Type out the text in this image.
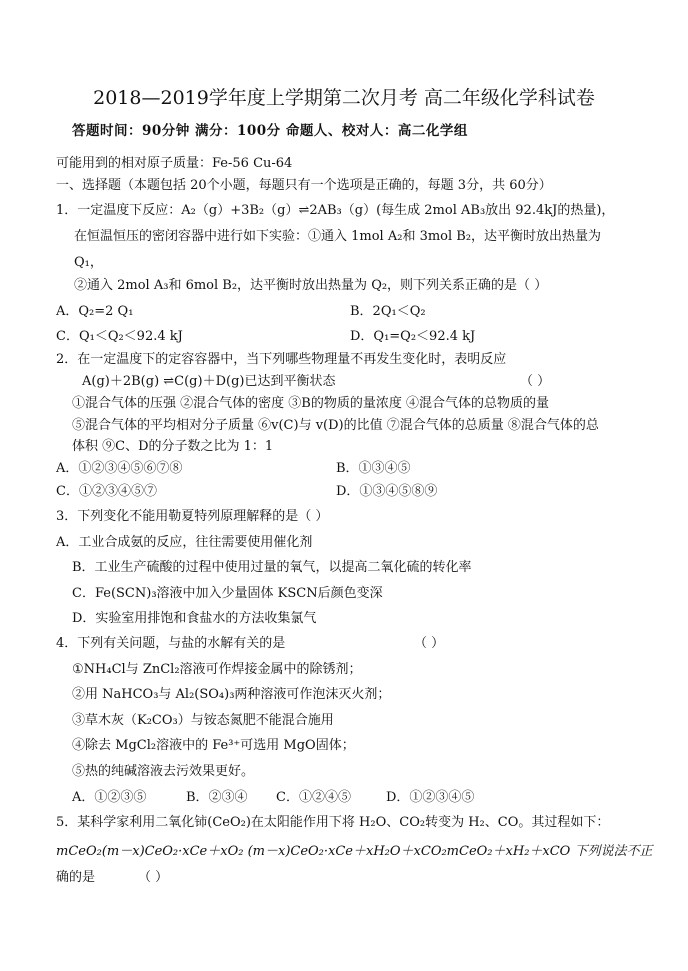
2018—2019学年度上学期第二次月考 高二年级化学科试卷
答题时间：90分钟 满分：100分 命题人、校对人：高二化学组
可能用到的相对原子质量：Fe-56 Cu-64
一、选择题（本题包括 20个小题，每题只有一个选项是正确的，每题 3分，共 60分）
1．一定温度下反应：A₂（g）+3B₂（g）⇌2AB₃（g）(每生成 2mol AB₃放出 92.4kJ的热量)，
在恒温恒压的密闭容器中进行如下实验：①通入 1mol A₂和 3mol B₂，达平衡时放出热量为
Q₁，
②通入 2mol A₃和 6mol B₂，达平衡时放出热量为 Q₂，则下列关系正确的是（ ）
A．Q₂=2 Q₁	B．2Q₁＜Q₂
C．Q₁＜Q₂＜92.4 kJ	D．Q₁=Q₂＜92.4 kJ
2．在一定温度下的定容容器中，当下列哪些物理量不再发生变化时，表明反应
A(g)＋2B(g) ⇌C(g)＋D(g)已达到平衡状态	（ ）
①混合气体的压强 ②混合气体的密度 ③B的物质的量浓度 ④混合气体的总物质的量
⑤混合气体的平均相对分子质量 ⑥v(C)与 v(D)的比值 ⑦混合气体的总质量 ⑧混合气体的总
体积 ⑨C、D的分子数之比为 1：1
A．①②③④⑤⑥⑦⑧	B．①③④⑤
C．①②③④⑤⑦	D．①③④⑤⑧⑨
3．下列变化不能用勒夏特列原理解释的是（ ）
A．工业合成氨的反应，往往需要使用催化剂
B．工业生产硫酸的过程中使用过量的氧气，以提高二氧化硫的转化率
C．Fe(SCN)₃溶液中加入少量固体 KSCN后颜色变深
D．实验室用排饱和食盐水的方法收集氯气
4．下列有关问题，与盐的水解有关的是	（ ）
①NH₄Cl与 ZnCl₂溶液可作焊接金属中的除锈剂；
②用 NaHCO₃与 Al₂(SO₄)₃两种溶液可作泡沫灭火剂；
③草木灰（K₂CO₃）与铵态氮肥不能混合施用
④除去 MgCl₂溶液中的 Fe³⁺可选用 MgO固体；
⑤热的纯碱溶液去污效果更好。
A．①②③⑤	B．②③④ C．①②④⑤	D．①②③④⑤
5．某科学家利用二氧化铈(CeO₂)在太阳能作用下将 H₂O、CO₂转变为 H₂、CO。其过程如下：
mCeO₂(m－x)CeO₂·xCe＋xO₂ (m－x)CeO₂·xCe＋xH₂O＋xCO₂mCeO₂＋xH₂＋xCO 下列说法不正
确的是	（ ）
